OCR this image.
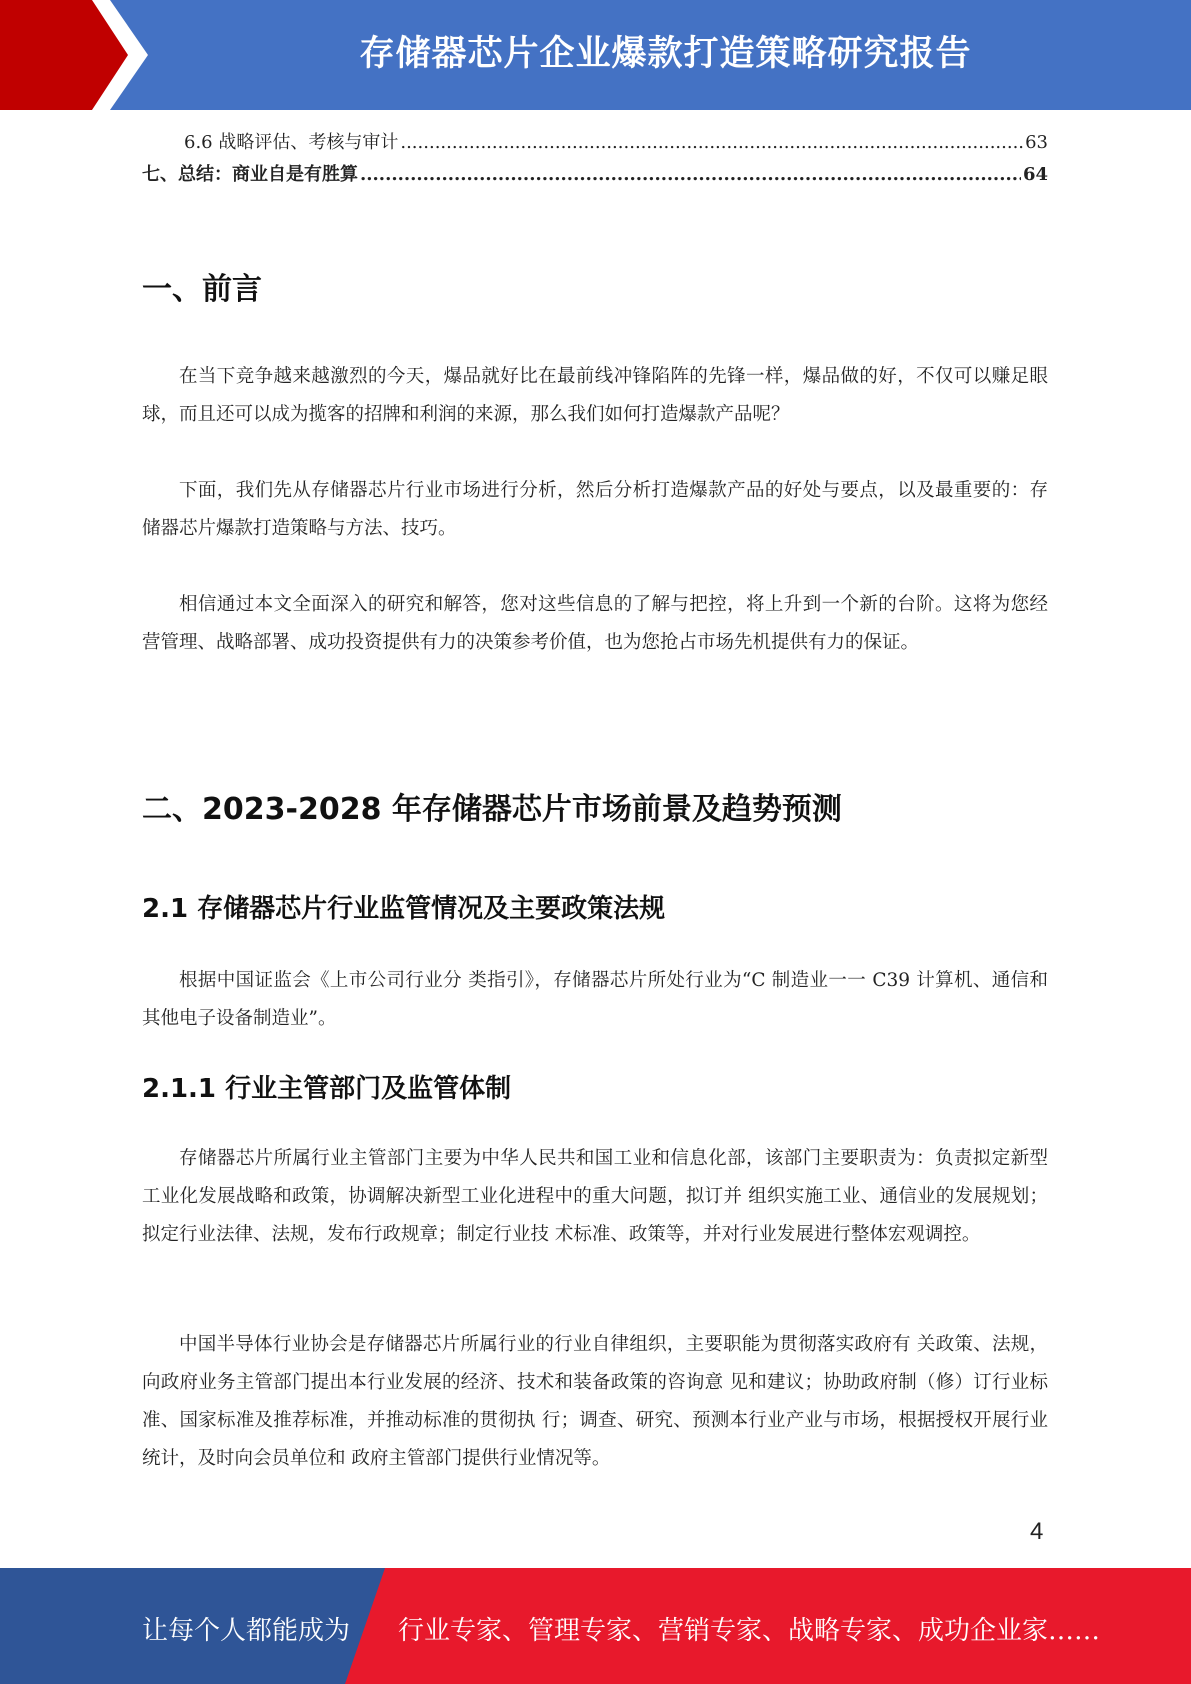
存储器芯片企业爆款打造策略研究报告
6.6 战略评估、考核与审计 .....	63
七、总结：商业自是有胜算 .....	64
一、前言
在当下竞争越来越激烈的今天，爆品就好比在最前线冲锋陷阵的先锋一样，爆品做的好，不仅可以赚足眼球，而且还可以成为揽客的招牌和利润的来源，那么我们如何打造爆款产品呢？
下面，我们先从存储器芯片行业市场进行分析，然后分析打造爆款产品的好处与要点，以及最重要的：存储器芯片爆款打造策略与方法、技巧。
相信通过本文全面深入的研究和解答，您对这些信息的了解与把控，将上升到一个新的台阶。这将为您经营管理、战略部署、成功投资提供有力的决策参考价值，也为您抢占市场先机提供有力的保证。
二、2023-2028 年存储器芯片市场前景及趋势预测
2.1 存储器芯片行业监管情况及主要政策法规
根据中国证监会《上市公司行业分 类指引》，存储器芯片所处行业为“C 制造业一一 C39 计算机、通信和其他电子设备制造业”。
2.1.1 行业主管部门及监管体制
存储器芯片所属行业主管部门主要为中华人民共和国工业和信息化部，该部门主要职责为：负责拟定新型工业化发展战略和政策，协调解决新型工业化进程中的重大问题，拟订并 组织实施工业、通信业的发展规划；拟定行业法律、法规，发布行政规章；制定行业技 术标准、政策等，并对行业发展进行整体宏观调控。
中国半导体行业协会是存储器芯片所属行业的行业自律组织，主要职能为贯彻落实政府有 关政策、法规，向政府业务主管部门提出本行业发展的经济、技术和装备政策的咨询意 见和建议；协助政府制（修）订行业标准、国家标准及推荐标准，并推动标准的贯彻执 行；调查、研究、预测本行业产业与市场，根据授权开展行业统计，及时向会员单位和 政府主管部门提供行业情况等。
4
让每个人都能成为 行业专家、管理专家、营销专家、战略专家、成功企业家……
